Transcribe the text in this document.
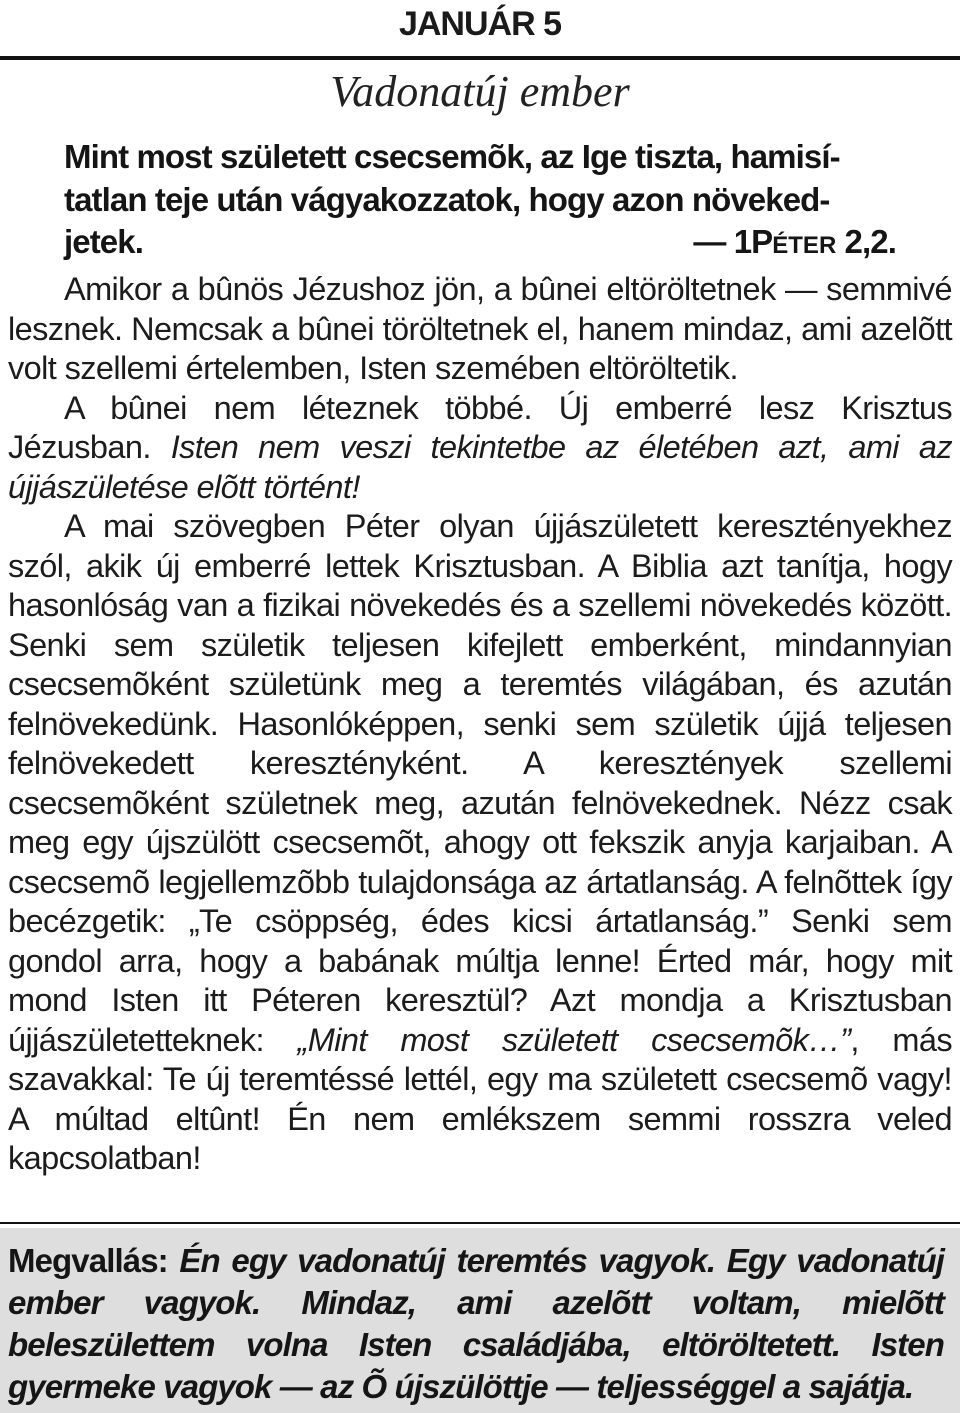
JANUÁR 5
Vadonatúj ember
Mint most született csecsemõk, az Ige tiszta, hamisí-
tatlan teje után vágyakozzatok, hogy azon növeked-
jetek.	— 1PÉTER 2,2.

Amikor a bûnös Jézushoz jön, a bûnei eltöröltetnek — semmivé lesznek. Nemcsak a bûnei töröltetnek el, hanem mindaz, ami azelõtt volt szellemi értelemben, Isten szemében eltöröltetik.

A bûnei nem léteznek többé. Új emberré lesz Krisztus Jézusban. Isten nem veszi tekintetbe az életében azt, ami az újjászületése elõtt történt!

A mai szövegben Péter olyan újjászületett keresztényekhez szól, akik új emberré lettek Krisztusban. A Biblia azt tanítja, hogy hasonlóság van a fizikai növekedés és a szellemi növekedés között. Senki sem születik teljesen kifejlett emberként, mindannyian csecsemõként születünk meg a teremtés világában, és azután felnövekedünk. Hasonlóképpen, senki sem születik újjá teljesen felnövekedett keresztényként. A keresztények szellemi csecsemõként születnek meg, azután felnövekednek. Nézz csak meg egy újszülött csecsemõt, ahogy ott fekszik anyja karjaiban. A csecsemõ legjellemzõbb tulajdonsága az ártatlanság. A felnõttek így becézgetik: „Te csöppség, édes kicsi ártatlanság.” Senki sem gondol arra, hogy a babának múltja lenne! Érted már, hogy mit mond Isten itt Péteren keresztül? Azt mondja a Krisztusban újjászületetteknek: „Mint most született csecsemõk…”, más szavakkal: Te új teremtéssé lettél, egy ma született csecsemõ vagy! A múltad eltûnt! Én nem emlékszem semmi rosszra veled kapcsolatban!

Megvallás: Én egy vadonatúj teremtés vagyok. Egy vadonatúj ember vagyok. Mindaz, ami azelõtt voltam, mielõtt beleszülettem volna Isten családjába, eltöröltetett. Isten gyermeke vagyok — az Õ újszülöttje — teljességgel a sajátja.
